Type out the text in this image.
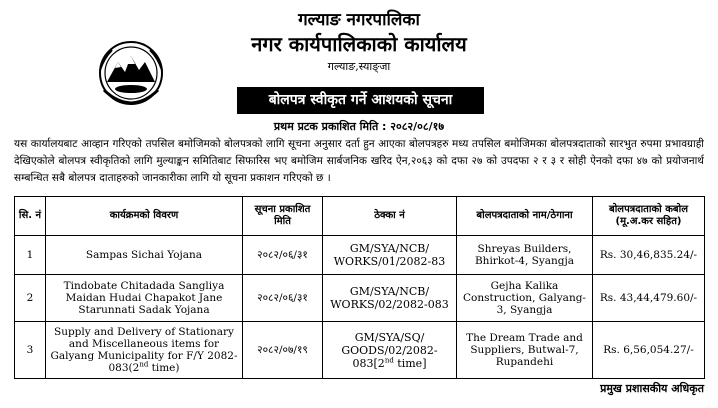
गल्याङ नगरपालिका
नगर कार्यपालिकाको कार्यालय
गल्याङ,स्याङ्जा
बोलपत्र स्वीकृत गर्ने आशयको सूचना
प्रथम प्रटक प्रकाशित मिति : २०८२/०८/१७

यस कार्यालयबाट आव्हान गरिएको तपसिल बमोजिमको बोलपत्रको लागि सूचना अनुसार दर्ता हुन आएका बोलपत्रहरु मध्य तपसिल बमोजिमका बोलपत्रदाताको सारभुत रुपमा प्रभावग्राही देखिएकोले बोलपत्र स्वीकृतिको लागि मुल्याङ्कन समितिबाट सिफारिस भए बमोजिम सार्बजनिक खरिद ऐन,२०६३ को दफा २७ को उपदफा २ र ३ र सोही ऐनको दफा ४७ को प्रयोजनार्थ सम्बन्धित सबै बोलपत्र दाताहरुको जानकारीका लागि यो सूचना प्रकाशन गरिएको छ ।

सि. नं	कार्यक्रमको विवरण	सूचना प्रकाशित मिति	ठेक्का नं	बोलपत्रदाताको नाम/ठेगाना	बोलपत्रदाताको कबोल (मू.अ.कर सहित)
1	Sampas Sichai Yojana	२०८२/०६/३१	GM/SYA/NCB/ WORKS/01/2082-83	Shreyas Builders, Bhirkot-4, Syangja	Rs. 30,46,835.24/-
2	Tindobate Chitadada Sangliya Maidan Hudai Chapakot Jane Starunnati Sadak Yojana	२०८२/०६/३१	GM/SYA/NCB/ WORKS/02/2082-083	Gejha Kalika Construction, Galyang-3, Syangja	Rs. 43,44,479.60/-
3	Supply and Delivery of Stationary and Miscellaneous items for Galyang Municipality for F/Y 2082-083(2nd time)	२०८२/०७/१९	GM/SYA/SQ/ GOODS/02/2082-083[2nd time]	The Dream Trade and Suppliers, Butwal-7, Rupandehi	Rs. 6,56,054.27/-
प्रमुख प्रशासकीय अधिकृत
